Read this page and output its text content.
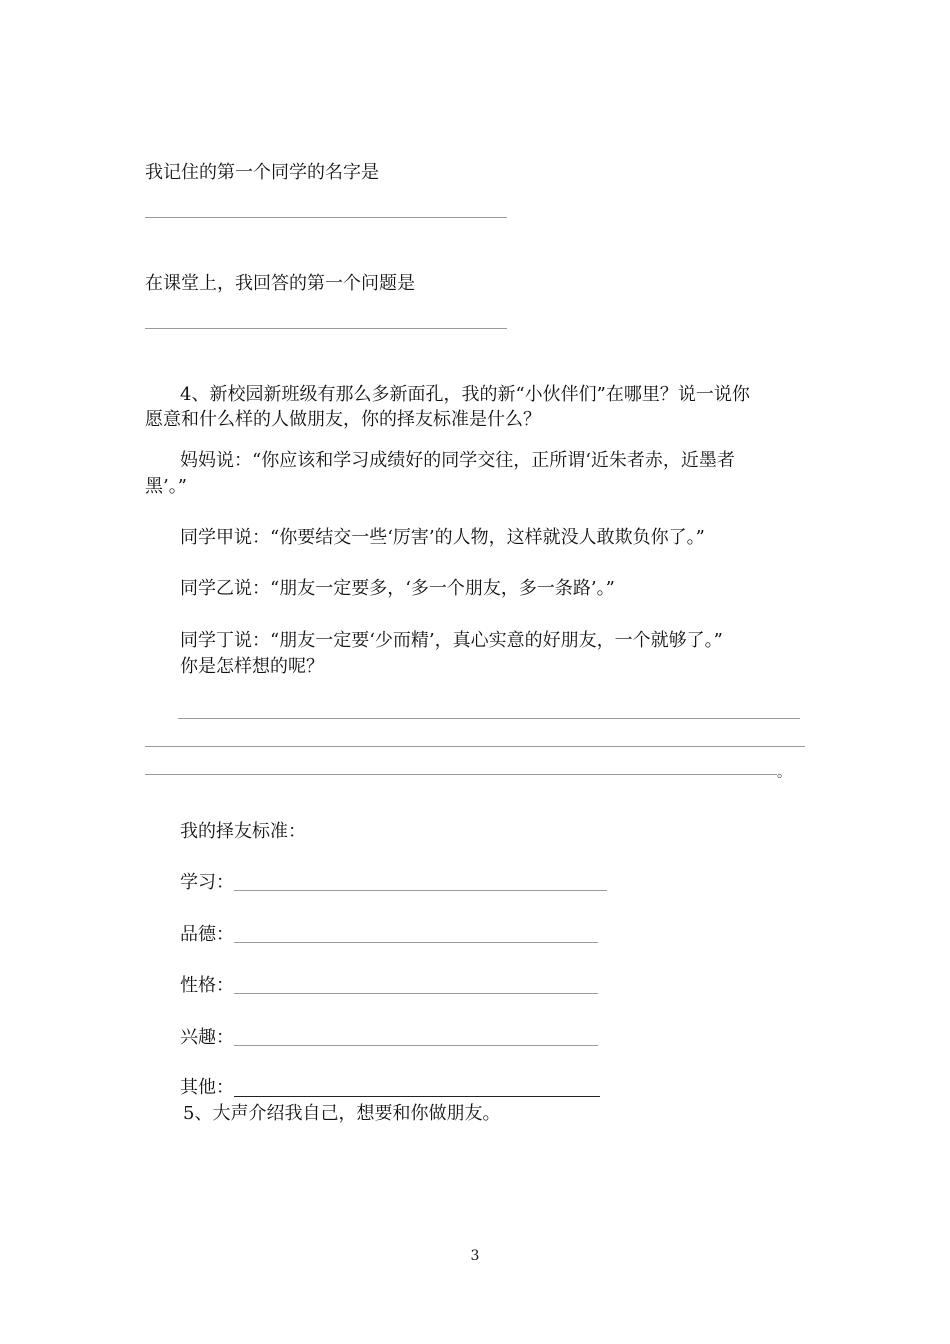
我记住的第一个同学的名字是
在课堂上，我回答的第一个问题是
4、新校园新班级有那么多新面孔，我的新“小伙伴们”在哪里？说一说你
愿意和什么样的人做朋友，你的择友标准是什么？
妈妈说：“你应该和学习成绩好的同学交往，正所谓‘近朱者赤，近墨者
黑’。”
同学甲说：“你要结交一些‘厉害’的人物，这样就没人敢欺负你了。”
同学乙说：“朋友一定要多，‘多一个朋友，多一条路’。”
同学丁说：“朋友一定要‘少而精’，真心实意的好朋友，一个就够了。”
你是怎样想的呢？
。
我的择友标准：
学习：
品德：
性格：
兴趣：
其他：
5、大声介绍我自己，想要和你做朋友。
3
